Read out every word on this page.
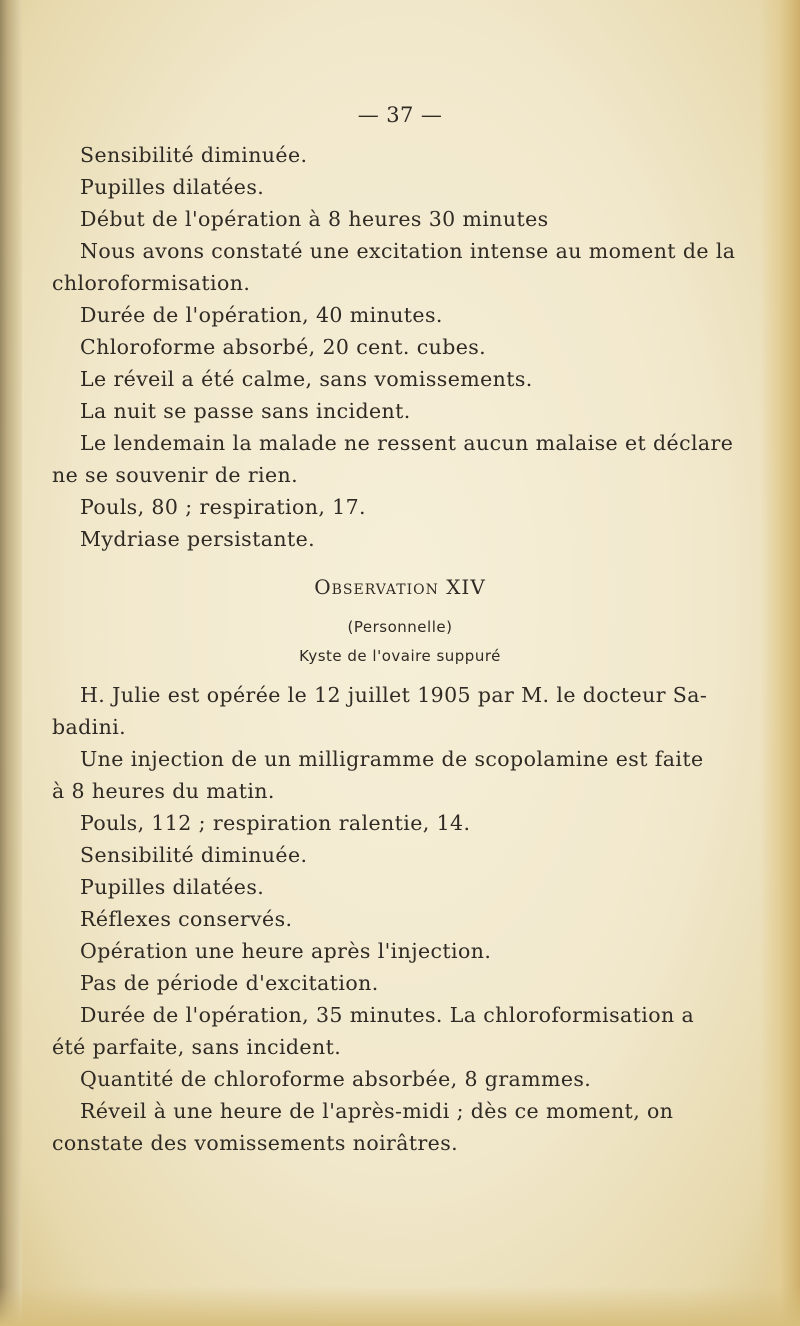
— 37 —
Sensibilité diminuée.
Pupilles dilatées.
Début de l'opération à 8 heures 30 minutes
Nous avons constaté une excitation intense au moment de la
chloroformisation.
Durée de l'opération, 40 minutes.
Chloroforme absorbé, 20 cent. cubes.
Le réveil a été calme, sans vomissements.
La nuit se passe sans incident.
Le lendemain la malade ne ressent aucun malaise et déclare
ne se souvenir de rien.
Pouls, 80 ; respiration, 17.
Mydriase persistante.
Observation XIV
(Personnelle)
Kyste de l'ovaire suppuré
H. Julie est opérée le 12 juillet 1905 par M. le docteur Sa-
badini.
Une injection de un milligramme de scopolamine est faite
à 8 heures du matin.
Pouls, 112 ; respiration ralentie, 14.
Sensibilité diminuée.
Pupilles dilatées.
Réflexes conservés.
Opération une heure après l'injection.
Pas de période d'excitation.
Durée de l'opération, 35 minutes. La chloroformisation a
été parfaite, sans incident.
Quantité de chloroforme absorbée, 8 grammes.
Réveil à une heure de l'après-midi ; dès ce moment, on
constate des vomissements noirâtres.
